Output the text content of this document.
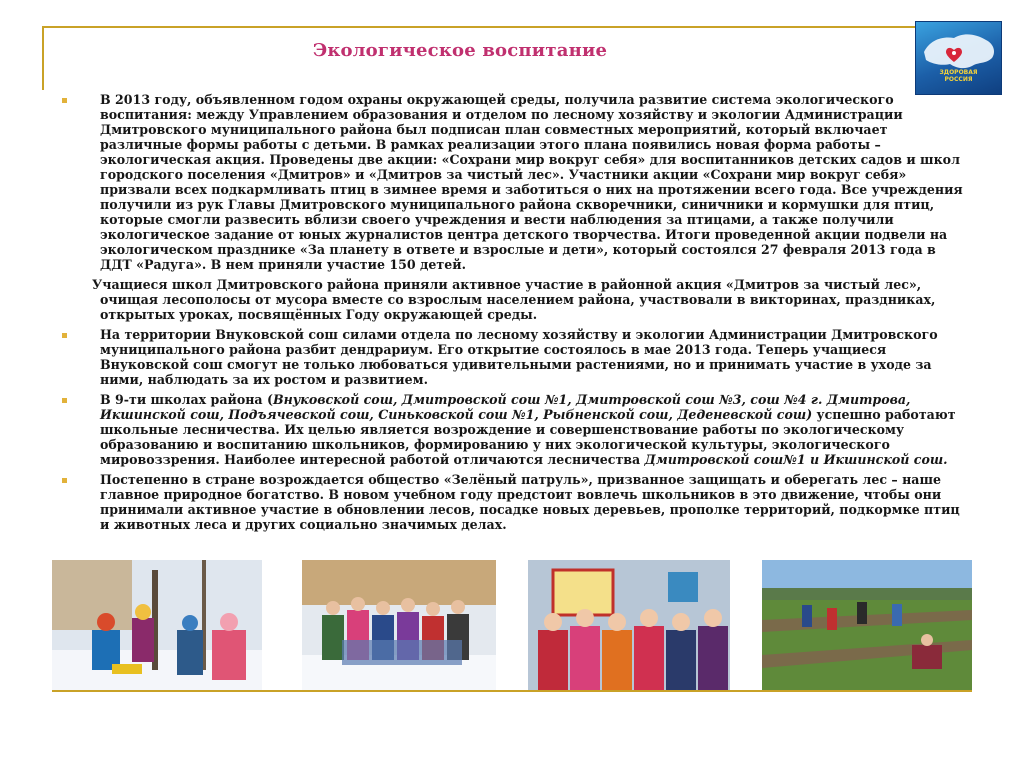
Экологическое воспитание
ЗДОРОВАЯ
РОССИЯ

В 2013 году, объявленном годом охраны окружающей среды, получила развитие система экологического воспитания: между Управлением образования и отделом по лесному хозяйству и экологии Администрации Дмитровского муниципального района был подписан план совместных мероприятий, который включает различные формы работы с детьми. В рамках реализации этого плана появились новая форма работы – экологическая акция. Проведены две акции: «Сохрани мир вокруг себя» для воспитанников детских садов и школ городского поселения «Дмитров» и «Дмитров за чистый лес». Участники акции «Сохрани мир вокруг себя» призвали всех подкармливать птиц в зимнее время и заботиться о них на протяжении всего года. Все учреждения получили из рук Главы Дмитровского муниципального района скворечники, синичники и кормушки для птиц, которые смогли развесить вблизи своего учреждения и вести наблюдения за птицами, а также получили экологическое задание от юных журналистов центра детского творчества. Итоги проведенной акции подвели на экологическом празднике «За планету в ответе и взрослые и дети», который состоялся 27 февраля 2013 года в ДДТ «Радуга». В нем приняли участие 150 детей.

Учащиеся школ Дмитровского района приняли активное участие в районной акция «Дмитров за чистый лес», очищая лесополосы от мусора вместе со взрослым населением района, участвовали в викторинах, праздниках, открытых уроках, посвящённых Году окружающей среды.

На территории Внуковской сош силами отдела по лесному хозяйству и экологии Администрации Дмитровского муниципального района разбит дендрариум. Его открытие состоялось в мае 2013 года. Теперь учащиеся Внуковской сош смогут не только любоваться удивительными растениями, но и принимать участие в уходе за ними, наблюдать за их ростом и развитием.

В 9-ти школах района (Внуковской сош, Дмитровской сош №1, Дмитровской сош №3, сош №4 г. Дмитрова, Икшинской сош, Подъячевской сош, Синьковской сош №1, Рыбненской сош, Деденевской сош) успешно работают школьные лесничества. Их целью является возрождение и совершенствование работы по экологическому образованию и воспитанию школьников, формированию у них экологической культуры, экологического мировоззрения. Наиболее интересной работой отличаются лесничества Дмитровской сош№1 и Икшинской сош.

Постепенно в стране возрождается общество «Зелёный патруль», призванное защищать и оберегать лес – наше главное природное богатство. В новом учебном году предстоит вовлечь школьников в это движение, чтобы они принимали активное участие в обновлении лесов, посадке новых деревьев, прополке территорий, подкормке птиц и животных леса и других социально значимых делах.
